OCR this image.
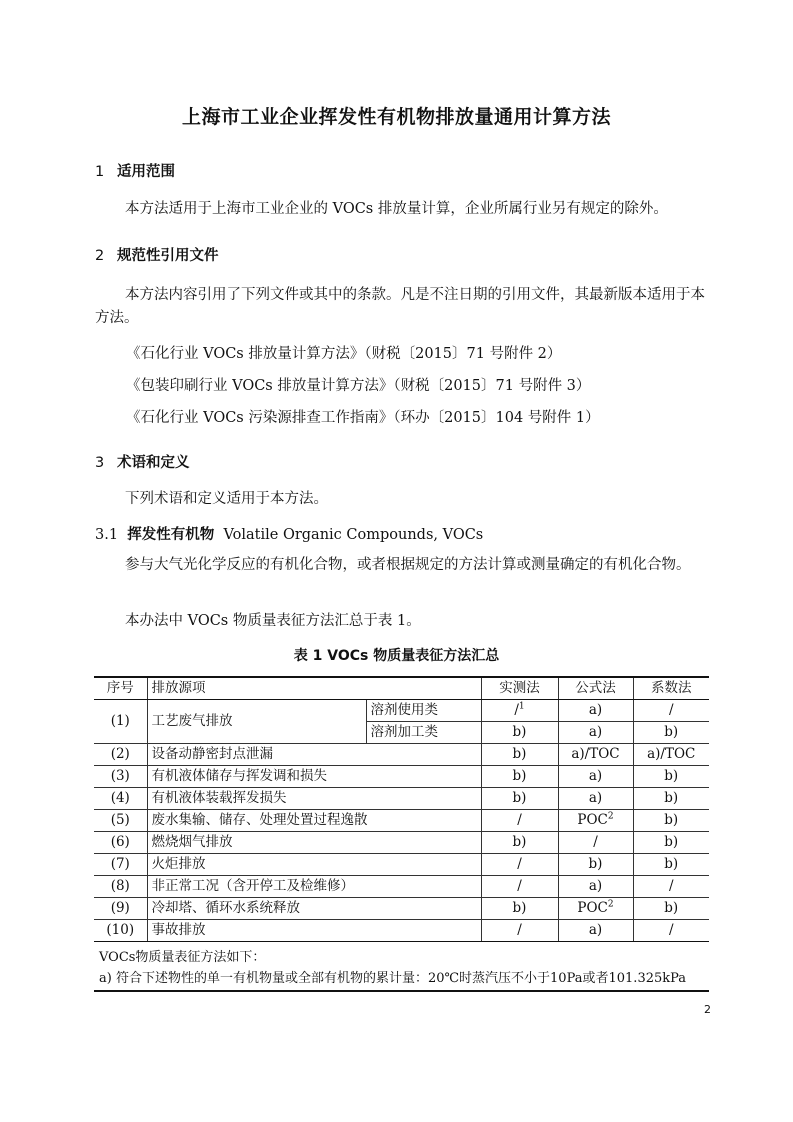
上海市工业企业挥发性有机物排放量通用计算方法
1 适用范围
本方法适用于上海市工业企业的 VOCs 排放量计算，企业所属行业另有规定的除外。
2 规范性引用文件
本方法内容引用了下列文件或其中的条款。凡是不注日期的引用文件，其最新版本适用于本方法。
《石化行业 VOCs 排放量计算方法》（财税〔2015〕71 号附件 2）
《包装印刷行业 VOCs 排放量计算方法》（财税〔2015〕71 号附件 3）
《石化行业 VOCs 污染源排查工作指南》（环办〔2015〕104 号附件 1）
3 术语和定义
下列术语和定义适用于本方法。
3.1 挥发性有机物 Volatile Organic Compounds, VOCs
参与大气光化学反应的有机化合物，或者根据规定的方法计算或测量确定的有机化合物。
本办法中 VOCs 物质量表征方法汇总于表 1。
表 1 VOCs 物质量表征方法汇总
序号	排放源项		实测法	公式法	系数法
(1)	工艺废气排放	溶剂使用类	/$^1$	a)	/
		溶剂加工类	b)	a)	b)
(2)	设备动静密封点泄漏		b)	a)/TOC	a)/TOC
(3)	有机液体储存与挥发调和损失		b)	a)	b)
(4)	有机液体装载挥发损失		b)	a)	b)
(5)	废水集输、储存、处理处置过程逸散		/	POC$^2$	b)
(6)	燃烧烟气排放		b)	/	b)
(7)	火炬排放		/	b)	b)
(8)	非正常工况（含开停工及检维修）		/	a)	/
(9)	冷却塔、循环水系统释放		b)	POC$^2$	b)
(10)	事故排放		/	a)	/
VOCs物质量表征方法如下：
a) 符合下述物性的单一有机物量或全部有机物的累计量：20℃时蒸汽压不小于10Pa或者101.325kPa
2
